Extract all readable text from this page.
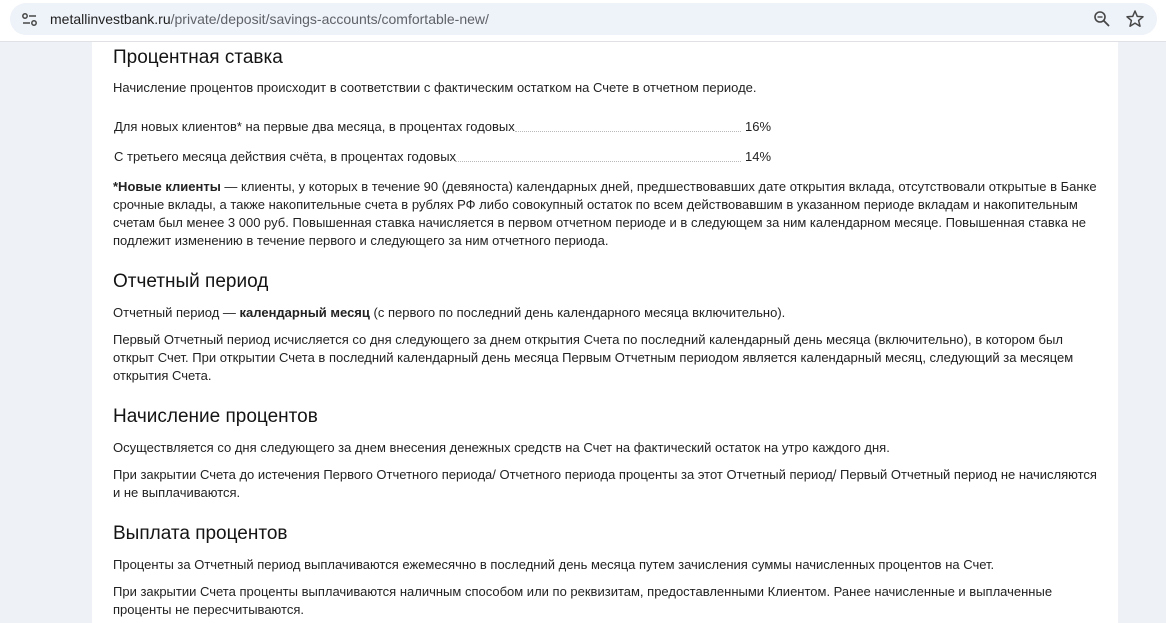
metallinvestbank.ru/private/deposit/savings-accounts/comfortable-new/
Процентная ставка

Начисление процентов происходит в соответствии с фактическим остатком на Счете в отчетном периоде.

Для новых клиентов* на первые два месяца, в процентах годовых	16%
С третьего месяца действия счёта, в процентах годовых	14%

*Новые клиенты — клиенты, у которых в течение 90 (девяноста) календарных дней, предшествовавших дате открытия вклада, отсутствовали открытые в Банке срочные вклады, а также накопительные счета в рублях РФ либо совокупный остаток по всем действовавшим в указанном периоде вкладам и накопительным счетам был менее 3 000 руб. Повышенная ставка начисляется в первом отчетном периоде и в следующем за ним календарном месяце. Повышенная ставка не подлежит изменению в течение первого и следующего за ним отчетного периода.

Отчетный период

Отчетный период — календарный месяц (с первого по последний день календарного месяца включительно).

Первый Отчетный период исчисляется со дня следующего за днем открытия Счета по последний календарный день месяца (включительно), в котором был открыт Счет. При открытии Счета в последний календарный день месяца Первым Отчетным периодом является календарный месяц, следующий за месяцем открытия Счета.

Начисление процентов

Осуществляется со дня следующего за днем внесения денежных средств на Счет на фактический остаток на утро каждого дня.

При закрытии Счета до истечения Первого Отчетного периода/ Отчетного периода проценты за этот Отчетный период/ Первый Отчетный период не начисляются и не выплачиваются.

Выплата процентов

Проценты за Отчетный период выплачиваются ежемесячно в последний день месяца путем зачисления суммы начисленных процентов на Счет.

При закрытии Счета проценты выплачиваются наличным способом или по реквизитам, предоставленными Клиентом. Ранее начисленные и выплаченные проценты не пересчитываются.
